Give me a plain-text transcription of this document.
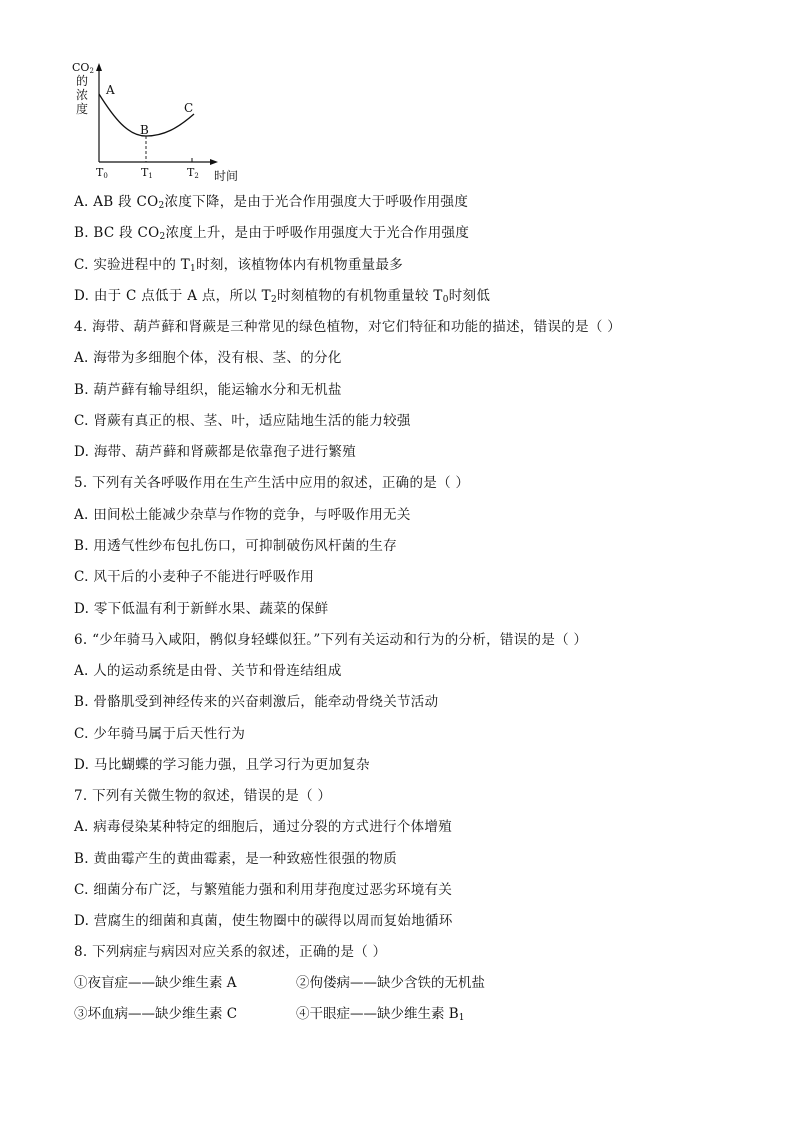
CO2
的
浓
度
A
B
C
T0	T1	T2 时间
A. AB 段 $CO_2$浓度下降，是由于光合作用强度大于呼吸作用强度
B. BC 段 $CO_2$浓度上升，是由于呼吸作用强度大于光合作用强度
C. 实验进程中的 $T_1$时刻，该植物体内有机物重量最多
D. 由于 C 点低于 A 点，所以 $T_2$时刻植物的有机物重量较 $T_0$时刻低
4. 海带、葫芦藓和肾蕨是三种常见的绿色植物，对它们特征和功能的描述，错误的是（ ）
A. 海带为多细胞个体，没有根、茎、的分化
B. 葫芦藓有输导组织，能运输水分和无机盐
C. 肾蕨有真正的根、茎、叶，适应陆地生活的能力较强
D. 海带、葫芦藓和肾蕨都是依靠孢子进行繁殖
5. 下列有关各呼吸作用在生产生活中应用的叙述，正确的是（ ）
A. 田间松土能减少杂草与作物的竞争，与呼吸作用无关
B. 用透气性纱布包扎伤口，可抑制破伤风杆菌的生存
C. 风干后的小麦种子不能进行呼吸作用
D. 零下低温有利于新鲜水果、蔬菜的保鲜
6. “少年骑马入咸阳，鹘似身轻蝶似狂。”下列有关运动和行为的分析，错误的是（ ）
A. 人的运动系统是由骨、关节和骨连结组成
B. 骨骼肌受到神经传来的兴奋刺激后，能牵动骨绕关节活动
C. 少年骑马属于后天性行为
D. 马比蝴蝶的学习能力强，且学习行为更加复杂
7. 下列有关微生物的叙述，错误的是（ ）
A. 病毒侵染某种特定的细胞后，通过分裂的方式进行个体增殖
B. 黄曲霉产生的黄曲霉素，是一种致癌性很强的物质
C. 细菌分布广泛，与繁殖能力强和利用芽孢度过恶劣环境有关
D. 营腐生的细菌和真菌，使生物圈中的碳得以周而复始地循环
8. 下列病症与病因对应关系的叙述，正确的是（ ）
①夜盲症——缺少维生素 A	②佝偻病——缺少含铁的无机盐
③坏血病——缺少维生素 C	④干眼症——缺少维生素 $B_1$
